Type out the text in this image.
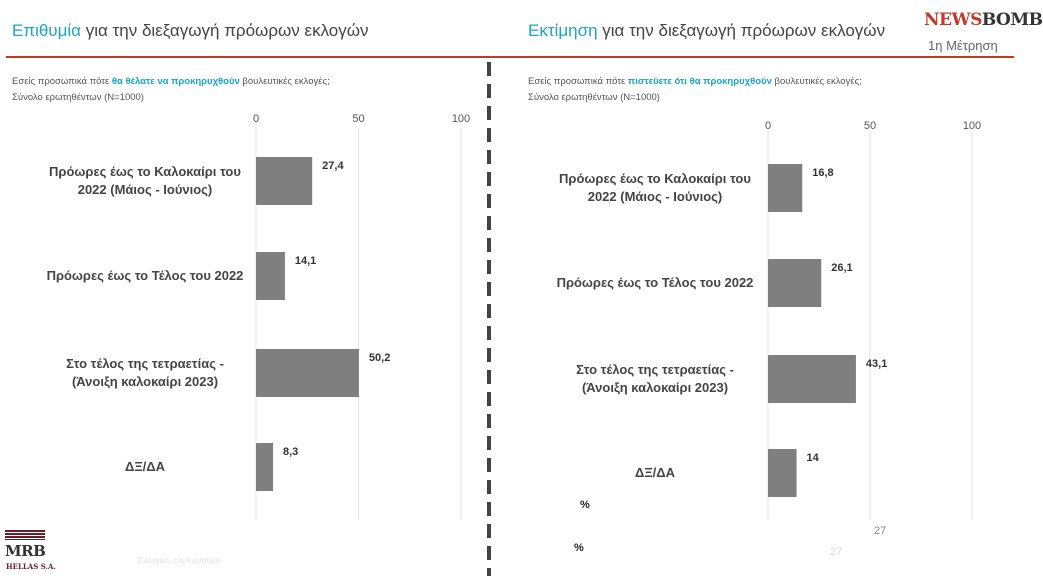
Επιθυμία για την διεξαγωγή πρόωρων εκλογών	Εκτίμηση για την διεξαγωγή πρόωρων εκλογών
NEWSBOMB
1η Μέτρηση
Εσείς προσωπικά πότε θα θέλατε να προκηρυχθούν βουλευτικές εκλογές;
Σύνολο ερωτηθέντων (N=1000)
Εσείς προσωπικά πότε πιστεύετε ότι θα προκηρυχθούν βουλευτικές εκλογές;
Σύνολο ερωτηθέντων (N=1000)
0	50	100
27,4
14,1
50,2
8,3
0	50	100
16,8
26,1
43,1
14
Πρόωρες έως το Καλοκαίρι του
2022 (Μάιος - Ιούνιος)
Πρόωρες έως το Τέλος του 2022
Στο τέλος της τετραετίας -
(Άνοιξη καλοκαίρι 2023)
ΔΞ/ΔΑ
Πρόωρες έως το Καλοκαίρι του
2022 (Μάιος - Ιούνιος)
Πρόωρες έως το Τέλος του 2022
Στο τέλος της τετραετίας -
(Άνοιξη καλοκαίρι 2023)
ΔΞ/ΔΑ
%
%
27
27
Εκλογική συμπεριφορά
MRB
HELLAS S.A.
